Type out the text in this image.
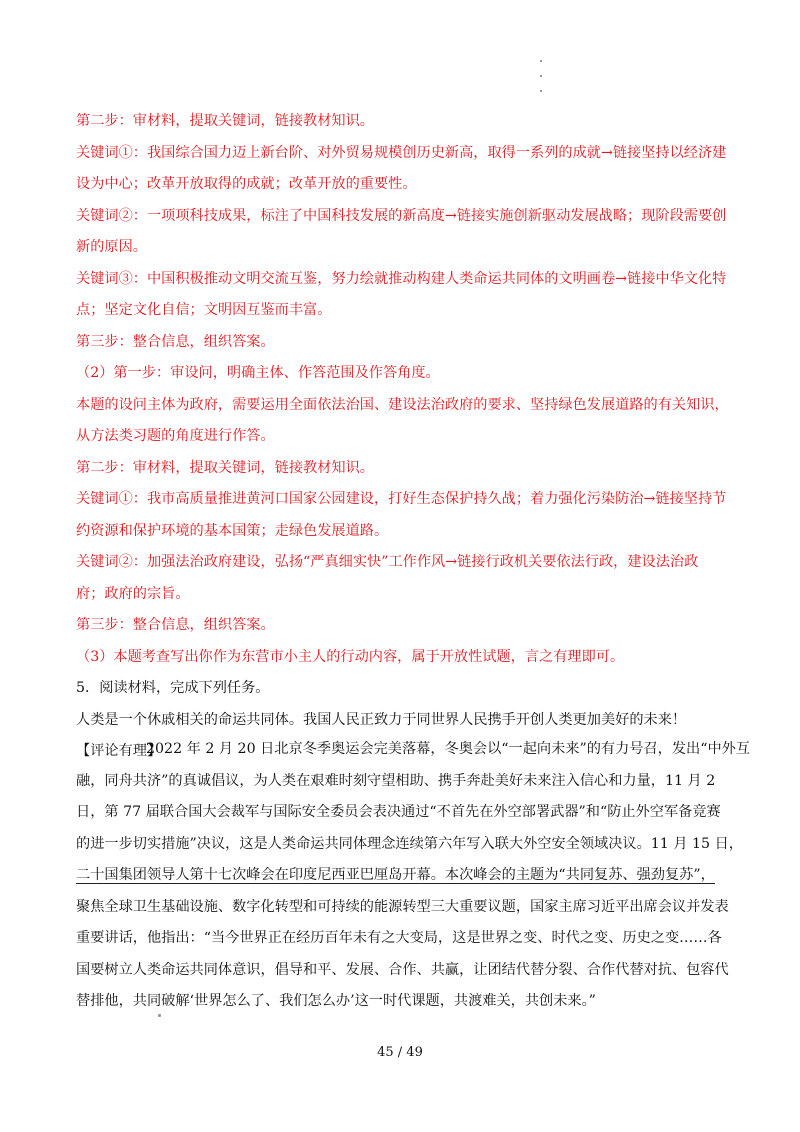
第二步：审材料，提取关键词，链接教材知识。
关键词①：我国综合国力迈上新台阶、对外贸易规模创历史新高，取得一系列的成就→链接坚持以经济建
设为中心；改革开放取得的成就；改革开放的重要性。
关键词②：一项项科技成果，标注了中国科技发展的新高度→链接实施创新驱动发展战略；现阶段需要创
新的原因。
关键词③：中国积极推动文明交流互鉴，努力绘就推动构建人类命运共同体的文明画卷→链接中华文化特
点；坚定文化自信；文明因互鉴而丰富。
第三步：整合信息，组织答案。
（2）第一步：审设问，明确主体、作答范围及作答角度。
本题的设问主体为政府，需要运用全面依法治国、建设法治政府的要求、坚持绿色发展道路的有关知识，
从方法类习题的角度进行作答。
第二步：审材料，提取关键词，链接教材知识。
关键词①：我市高质量推进黄河口国家公园建设，打好生态保护持久战；着力强化污染防治→链接坚持节
约资源和保护环境的基本国策；走绿色发展道路。
关键词②：加强法治政府建设，弘扬“严真细实快”工作作风→链接行政机关要依法行政，建设法治政
府；政府的宗旨。
第三步：整合信息，组织答案。
（3）本题考查写出你作为东营市小主人的行动内容，属于开放性试题，言之有理即可。
5．阅读材料，完成下列任务。
人类是一个休戚相关的命运共同体。我国人民正致力于同世界人民携手开创人类更加美好的未来！
【评论有理】
2022 年 2 月 20 日北京冬季奥运会完美落幕，冬奥会以“一起向未来”的有力号召，发出“中外互
融，同舟共济”的真诚倡议，为人类在艰难时刻守望相助、携手奔赴美好未来注入信心和力量，11 月 2
日，第 77 届联合国大会裁军与国际安全委员会表决通过“不首先在外空部署武器”和“防止外空军备竞赛
的进一步切实措施”决议，这是人类命运共同体理念连续第六年写入联大外空安全领域决议。11 月 15 日，
二十国集团领导人第十七次峰会在印度尼西亚巴厘岛开幕。本次峰会的主题为“共同复苏、强劲复苏”，
聚焦全球卫生基础设施、数字化转型和可持续的能源转型三大重要议题，国家主席习近平出席会议并发表
重要讲话，他指出：“当今世界正在经历百年未有之大变局，这是世界之变、时代之变、历史之变……各
国要树立人类命运共同体意识，倡导和平、发展、合作、共赢，让团结代替分裂、合作代替对抗、包容代
替排他，共同破解‘世界怎么了、我们怎么办’这一时代课题，共渡难关，共创未来。”
45 / 49
